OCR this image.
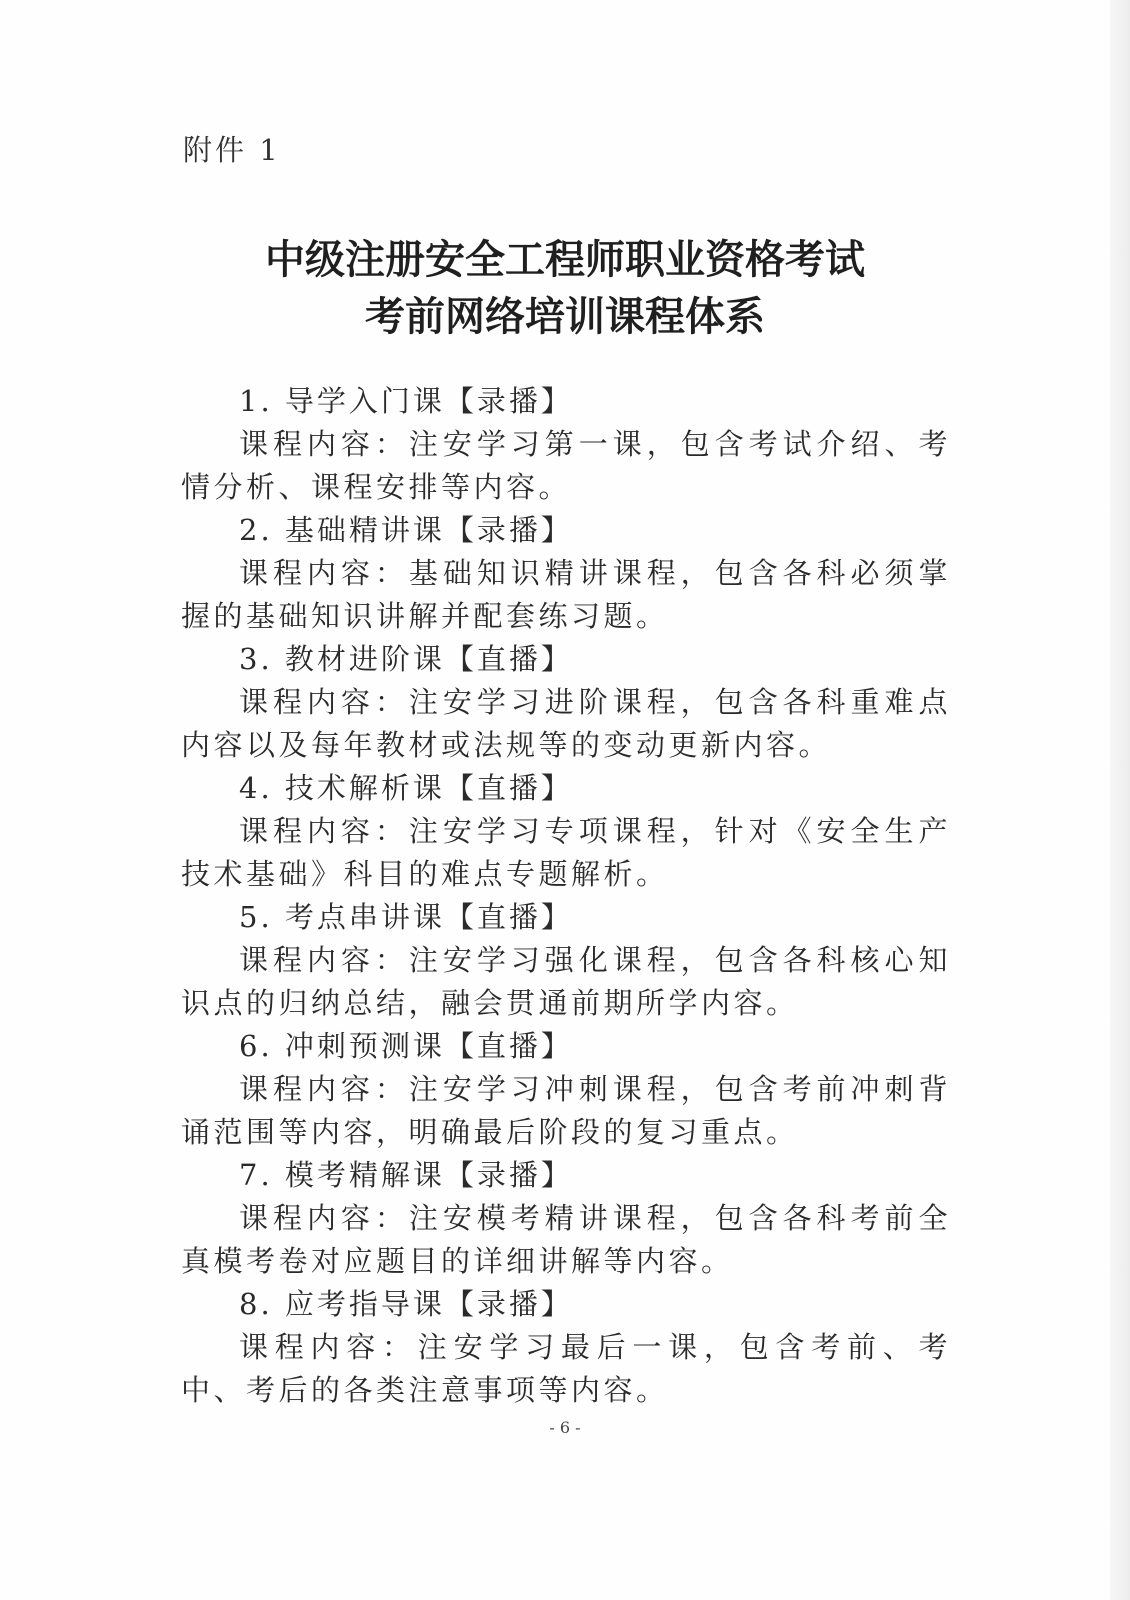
附件 1
中级注册安全工程师职业资格考试
考前网络培训课程体系
1. 导学入门课【录播】

课程内容：注安学习第一课，包含考试介绍、考情分析、课程安排等内容。

2. 基础精讲课【录播】

课程内容：基础知识精讲课程，包含各科必须掌握的基础知识讲解并配套练习题。

3. 教材进阶课【直播】

课程内容：注安学习进阶课程，包含各科重难点内容以及每年教材或法规等的变动更新内容。

4. 技术解析课【直播】

课程内容：注安学习专项课程，针对《安全生产技术基础》科目的难点专题解析。

5. 考点串讲课【直播】

课程内容：注安学习强化课程，包含各科核心知识点的归纳总结，融会贯通前期所学内容。

6. 冲刺预测课【直播】

课程内容：注安学习冲刺课程，包含考前冲刺背诵范围等内容，明确最后阶段的复习重点。

7. 模考精解课【录播】

课程内容：注安模考精讲课程，包含各科考前全真模考卷对应题目的详细讲解等内容。

8. 应考指导课【录播】

课程内容：注安学习最后一课，包含考前、考中、考后的各类注意事项等内容。

- 6 -
